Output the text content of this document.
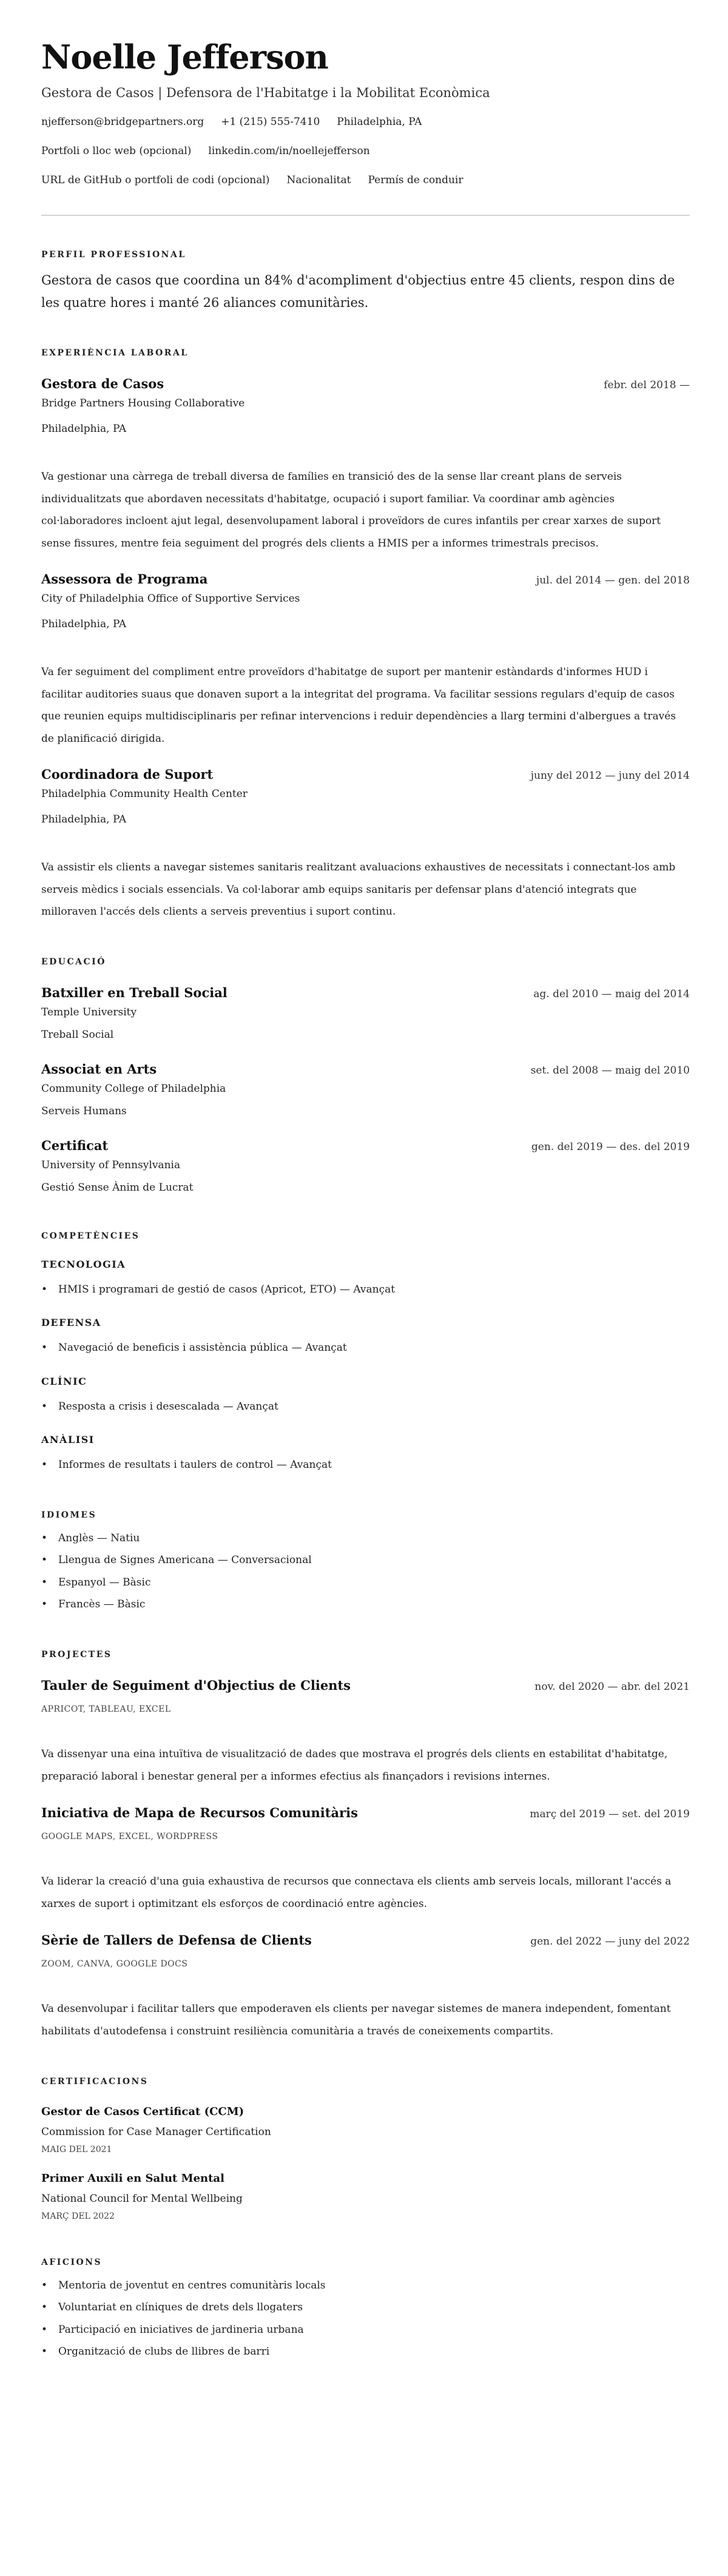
Noelle Jefferson
Gestora de Casos | Defensora de l'Habitatge i la Mobilitat Econòmica
njefferson@bridgepartners.org +1 (215) 555-7410 Philadelphia, PA
Portfoli o lloc web (opcional) linkedin.com/in/noellejefferson
URL de GitHub o portfoli de codi (opcional) Nacionalitat Permís de conduir
PERFIL PROFESSIONAL

Gestora de casos que coordina un 84% d'acompliment d'objectius entre 45 clients, respon dins de les quatre hores i manté 26 aliances comunitàries.

EXPERIÈNCIA LABORAL
Gestora de Casos	febr. del 2018 —
Bridge Partners Housing Collaborative
Philadelphia, PA

Va gestionar una càrrega de treball diversa de famílies en transició des de la sense llar creant plans de serveis individualitzats que abordaven necessitats d'habitatge, ocupació i suport familiar. Va coordinar amb agències col·laboradores incloent ajut legal, desenvolupament laboral i proveïdors de cures infantils per crear xarxes de suport sense fissures, mentre feia seguiment del progrés dels clients a HMIS per a informes trimestrals precisos.

Assessora de Programa	jul. del 2014 — gen. del 2018
City of Philadelphia Office of Supportive Services
Philadelphia, PA

Va fer seguiment del compliment entre proveïdors d'habitatge de suport per mantenir estàndards d'informes HUD i facilitar auditories suaus que donaven suport a la integritat del programa. Va facilitar sessions regulars d'equip de casos que reunien equips multidisciplinaris per refinar intervencions i reduir dependències a llarg termini d'albergues a través de planificació dirigida.

Coordinadora de Suport	juny del 2012 — juny del 2014
Philadelphia Community Health Center
Philadelphia, PA

Va assistir els clients a navegar sistemes sanitaris realitzant avaluacions exhaustives de necessitats i connectant-los amb serveis mèdics i socials essencials. Va col·laborar amb equips sanitaris per defensar plans d'atenció integrats que milloraven l'accés dels clients a serveis preventius i suport continu.

EDUCACIÓ
Batxiller en Treball Social	ag. del 2010 — maig del 2014
Temple University
Treball Social
Associat en Arts	set. del 2008 — maig del 2010
Community College of Philadelphia
Serveis Humans
Certificat	gen. del 2019 — des. del 2019
University of Pennsylvania
Gestió Sense Ànim de Lucrat
COMPETÈNCIES
TECNOLOGIA
• HMIS i programari de gestió de casos (Apricot, ETO) — Avançat
DEFENSA
• Navegació de beneficis i assistència pública — Avançat
CLÍNIC
• Resposta a crisis i desescalada — Avançat
ANÀLISI
• Informes de resultats i taulers de control — Avançat
IDIOMES
• Anglès — Natiu
• Llengua de Signes Americana — Conversacional
• Espanyol — Bàsic
• Francès — Bàsic
PROJECTES
Tauler de Seguiment d'Objectius de Clients	nov. del 2020 — abr. del 2021
APRICOT, TABLEAU, EXCEL

Va dissenyar una eina intuïtiva de visualització de dades que mostrava el progrés dels clients en estabilitat d'habitatge, preparació laboral i benestar general per a informes efectius als finançadors i revisions internes.

Iniciativa de Mapa de Recursos Comunitàris	març del 2019 — set. del 2019
GOOGLE MAPS, EXCEL, WORDPRESS

Va liderar la creació d'una guia exhaustiva de recursos que connectava els clients amb serveis locals, millorant l'accés a xarxes de suport i optimitzant els esforços de coordinació entre agències.

Sèrie de Tallers de Defensa de Clients	gen. del 2022 — juny del 2022
ZOOM, CANVA, GOOGLE DOCS

Va desenvolupar i facilitar tallers que empoderaven els clients per navegar sistemes de manera independent, fomentant habilitats d'autodefensa i construint resiliència comunitària a través de coneixements compartits.

CERTIFICACIONS
Gestor de Casos Certificat (CCM)
Commission for Case Manager Certification
MAIG DEL 2021
Primer Auxili en Salut Mental
National Council for Mental Wellbeing
MARÇ DEL 2022
AFICIONS
• Mentoria de joventut en centres comunitàris locals
• Voluntariat en clíniques de drets dels llogaters
• Participació en iniciatives de jardineria urbana
• Organització de clubs de llibres de barri
